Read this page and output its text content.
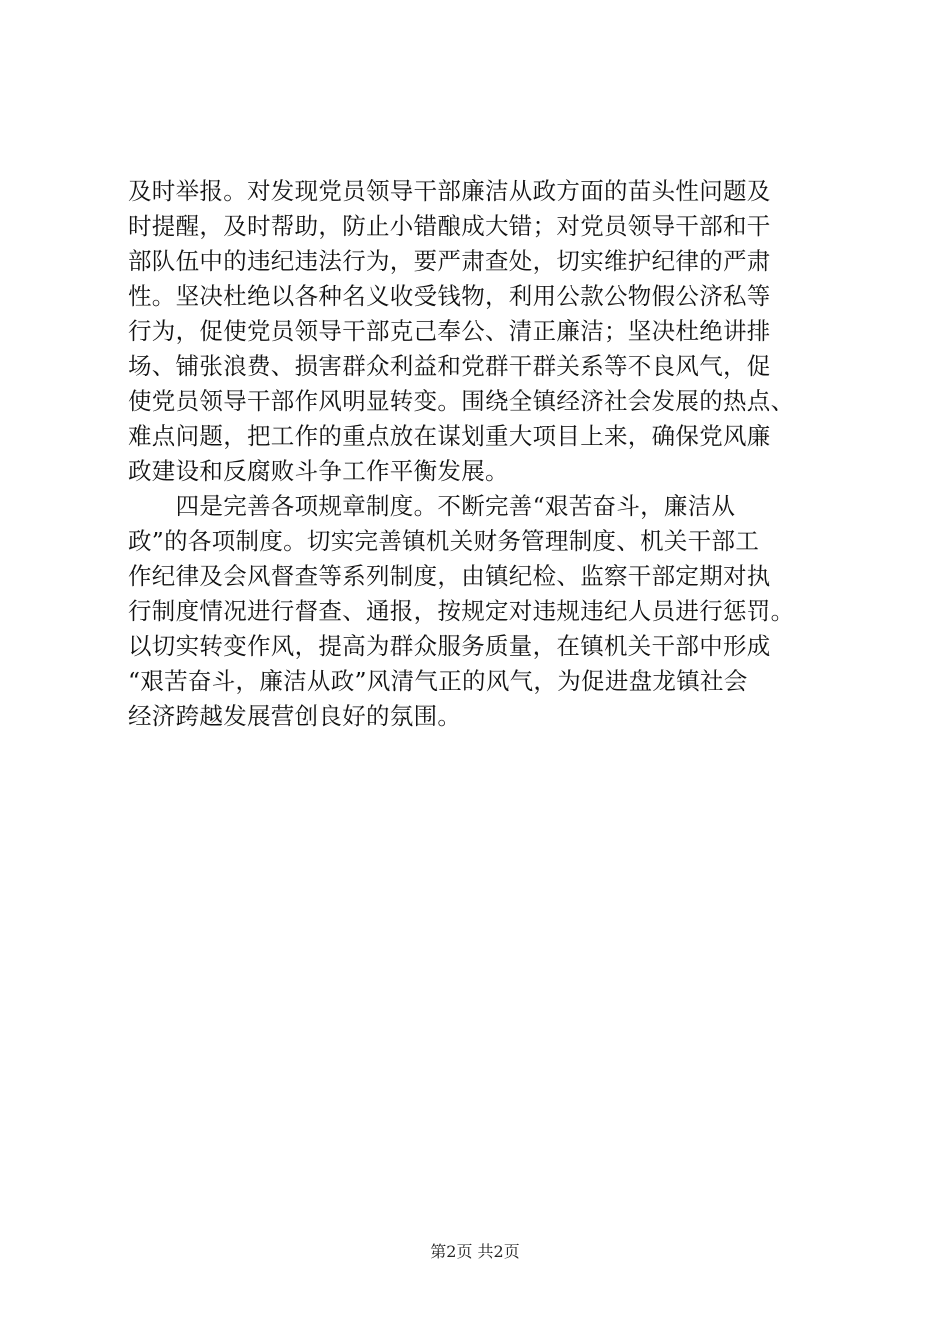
及时举报。对发现党员领导干部廉洁从政方面的苗头性问题及
时提醒，及时帮助，防止小错酿成大错；对党员领导干部和干
部队伍中的违纪违法行为，要严肃查处，切实维护纪律的严肃
性。坚决杜绝以各种名义收受钱物，利用公款公物假公济私等
行为，促使党员领导干部克己奉公、清正廉洁；坚决杜绝讲排
场、铺张浪费、损害群众利益和党群干群关系等不良风气，促
使党员领导干部作风明显转变。围绕全镇经济社会发展的热点、
难点问题，把工作的重点放在谋划重大项目上来，确保党风廉
政建设和反腐败斗争工作平衡发展。
　　四是完善各项规章制度。不断完善“艰苦奋斗，廉洁从
政”的各项制度。切实完善镇机关财务管理制度、机关干部工
作纪律及会风督查等系列制度，由镇纪检、监察干部定期对执
行制度情况进行督查、通报，按规定对违规违纪人员进行惩罚。
以切实转变作风，提高为群众服务质量，在镇机关干部中形成
“艰苦奋斗，廉洁从政”风清气正的风气，为促进盘龙镇社会
经济跨越发展营创良好的氛围。
第2页 共2页
